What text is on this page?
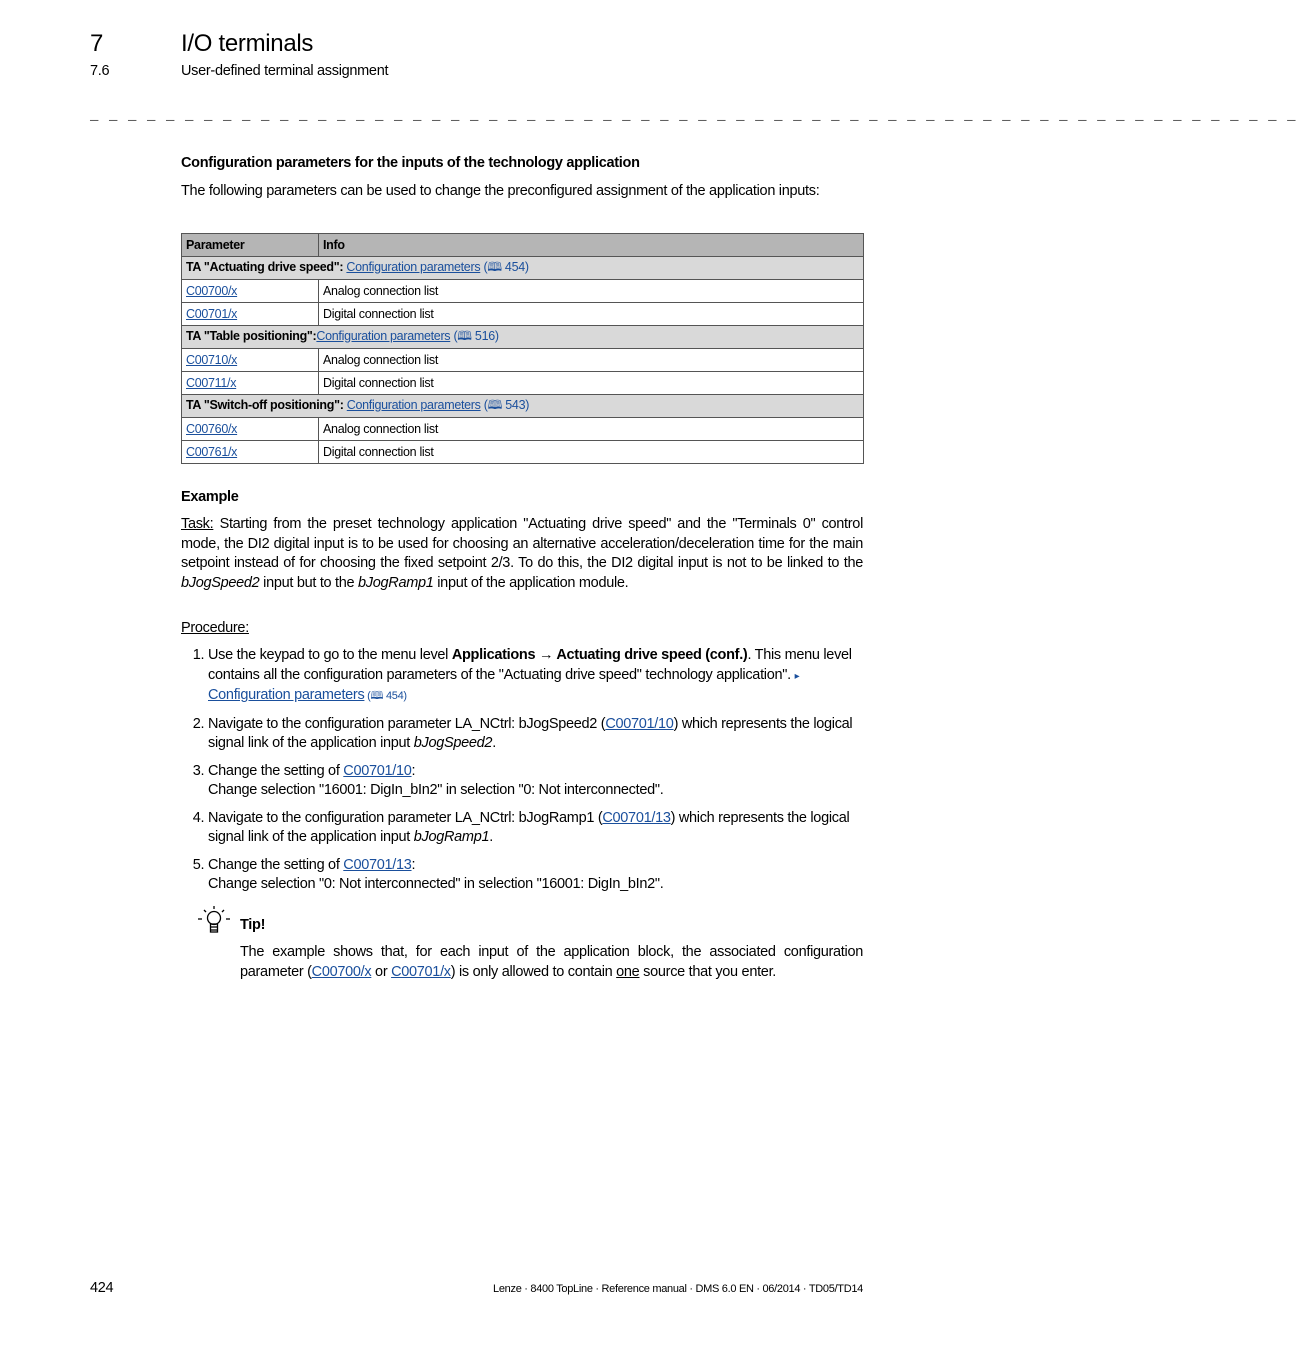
7	I/O terminals
7.6	User-defined terminal assignment
_ _ _ _ _ _ _ _ _ _ _ _ _ _ _ _ _ _ _ _ _ _ _ _ _ _ _ _ _ _ _ _ _ _ _ _ _ _ _ _ _ _ _ _ _ _ _ _ _ _ _ _ _ _ _ _ _ _ _ _ _ _ _ _
Configuration parameters for the inputs of the technology application

The following parameters can be used to change the preconfigured assignment of the application inputs:

Parameter	Info
TA "Actuating drive speed": Configuration parameters (🕮 454)	
C00700/x	Analog connection list
C00701/x	Digital connection list
TA "Table positioning":Configuration parameters (🕮 516)	
C00710/x	Analog connection list
C00711/x	Digital connection list
TA "Switch-off positioning": Configuration parameters (🕮 543)	
C00760/x	Analog connection list
C00761/x	Digital connection list
Example

Task: Starting from the preset technology application "Actuating drive speed" and the "Terminals 0" control mode, the DI2 digital input is to be used for choosing an alternative acceleration/deceleration time for the main setpoint instead of for choosing the fixed setpoint 2/3. To do this, the DI2 digital input is not to be linked to the bJogSpeed2 input but to the bJogRamp1 input of the application module.

Procedure:

1. Use the keypad to go to the menu level Applications → Actuating drive speed (conf.). This menu level contains all the configuration parameters of the "Actuating drive speed" technology application". ▸ Configuration parameters (🕮 454)
2. Navigate to the configuration parameter LA_NCtrl: bJogSpeed2 (C00701/10) which represents the logical signal link of the application input bJogSpeed2.
3. Change the setting of C00701/10:
Change selection "16001: DigIn_bIn2" in selection "0: Not interconnected".
4. Navigate to the configuration parameter LA_NCtrl: bJogRamp1 (C00701/13) which represents the logical signal link of the application input bJogRamp1.
5. Change the setting of C00701/13:
Change selection "0: Not interconnected" in selection "16001: DigIn_bIn2".
Tip!

The example shows that, for each input of the application block, the associated configuration parameter (C00700/x or C00701/x) is only allowed to contain one source that you enter.

424	Lenze · 8400 TopLine · Reference manual · DMS 6.0 EN · 06/2014 · TD05/TD14
